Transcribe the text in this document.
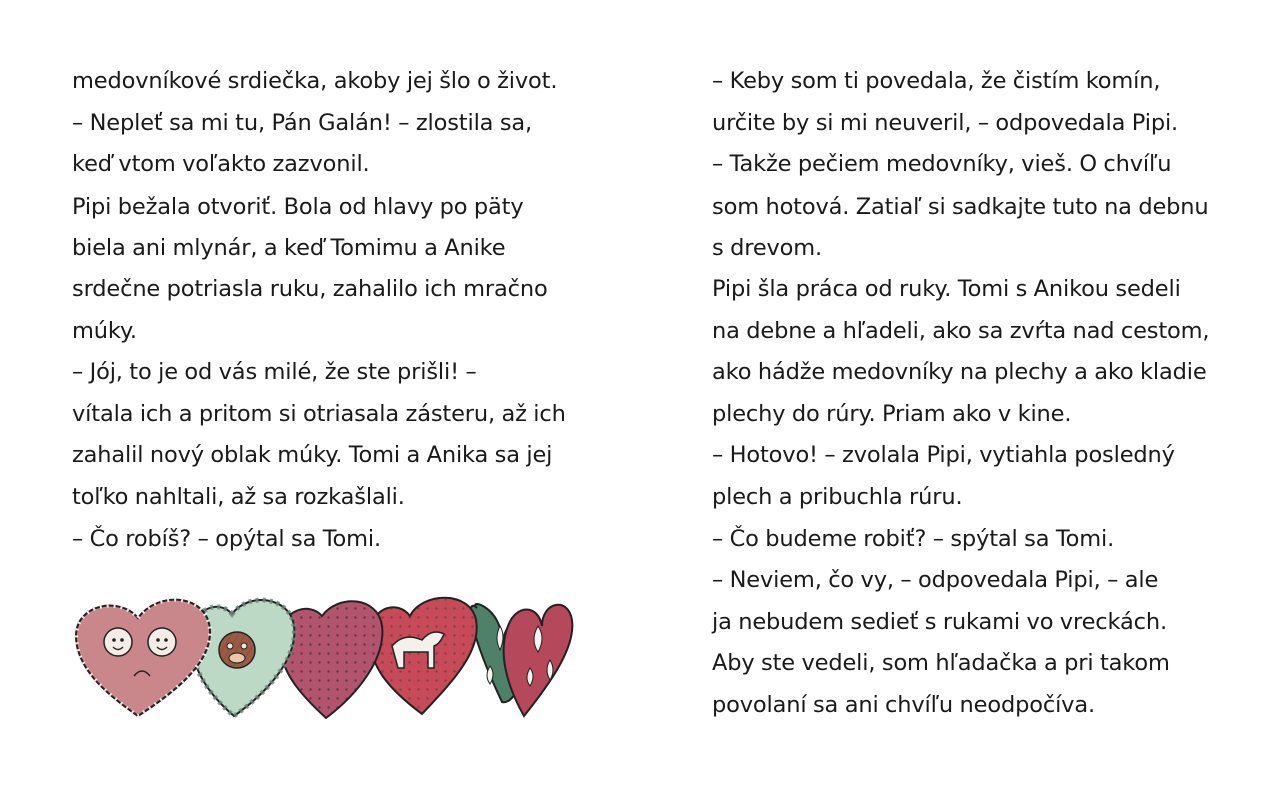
medovníkové srdiečka, akoby jej šlo o život.
– Nepleť sa mi tu, Pán Galán! – zlostila sa,
keď vtom voľakto zazvonil.
Pipi bežala otvoriť. Bola od hlavy po päty
biela ani mlynár, a keď Tomimu a Anike
srdečne potriasla ruku, zahalilo ich mračno
múky.
– Jój, to je od vás milé, že ste prišli! –
vítala ich a pritom si otriasala zásteru, až ich
zahalil nový oblak múky. Tomi a Anika sa jej
toľko nahltali, až sa rozkašlali.
– Čo robíš? – opýtal sa Tomi.
– Keby som ti povedala, že čistím komín,
určite by si mi neuveril, – odpovedala Pipi.
– Takže pečiem medovníky, vieš. O chvíľu
som hotová. Zatiaľ si sadkajte tuto na debnu
s drevom.
Pipi šla práca od ruky. Tomi s Anikou sedeli
na debne a hľadeli, ako sa zvŕta nad cestom,
ako hádže medovníky na plechy a ako kladie
plechy do rúry. Priam ako v kine.
– Hotovo! – zvolala Pipi, vytiahla posledný
plech a pribuchla rúru.
– Čo budeme robiť? – spýtal sa Tomi.
– Neviem, čo vy, – odpovedala Pipi, – ale
ja nebudem sedieť s rukami vo vreckách.
Aby ste vedeli, som hľadačka a pri takom
povolaní sa ani chvíľu neodpočíva.
